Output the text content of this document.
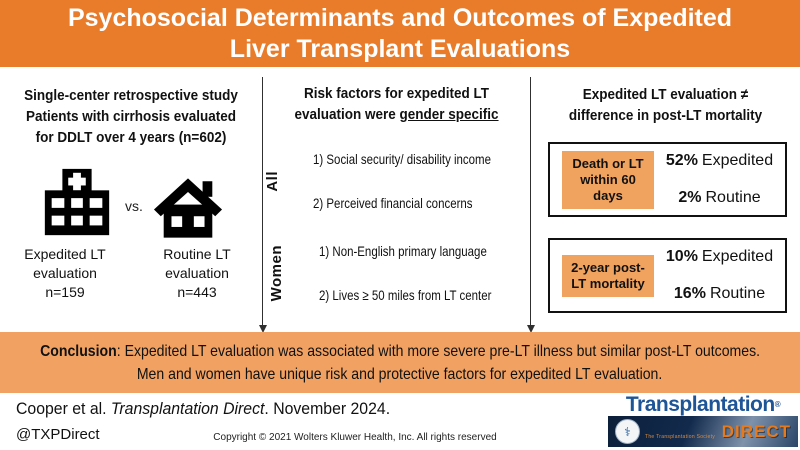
Psychosocial Determinants and Outcomes of Expedited
Liver Transplant Evaluations
Single-center retrospective study
Patients with cirrhosis evaluated
for DDLT over 4 years (n=602)
vs.
Expedited LT evaluation
n=159
Routine LT evaluation
n=443
Risk factors for expedited LT
evaluation were gender specific
All
1) Social security/ disability income
2) Perceived financial concerns
Women 1) Non-English primary language
2) Lives ≥ 50 miles from LT center
Expedited LT evaluation ≠
difference in post-LT mortality
Death or LT within 60 days
52% Expedited
2% Routine
2-year post-LT mortality
10% Expedited
16% Routine
Conclusion: Expedited LT evaluation was associated with more severe pre-LT illness but similar post-LT outcomes.
Men and women have unique risk and protective factors for expedited LT evaluation.
Cooper et al. Transplantation Direct. November 2024.
@TXPDirect	Copyright © 2021 Wolters Kluwer Health, Inc. All rights reserved
Transplantation®
⚕	The Transplantation Society DIRECT
